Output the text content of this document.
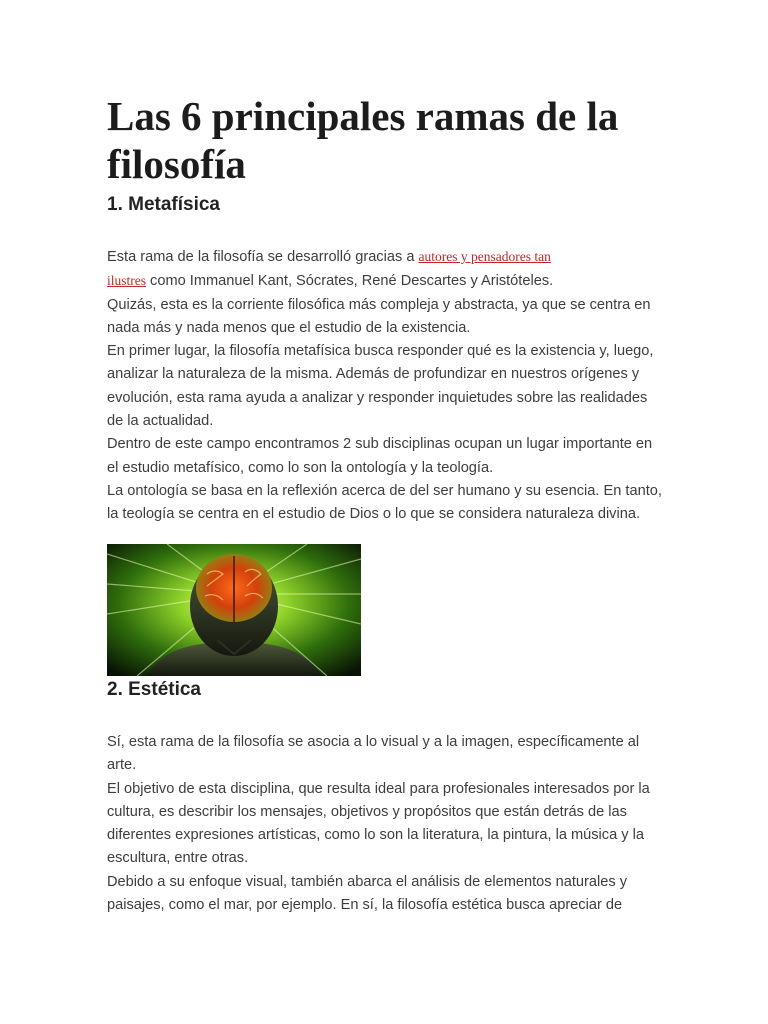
Las 6 principales ramas de la filosofía
1. Metafísica

Esta rama de la filosofía se desarrolló gracias a autores y pensadores tan
ilustres como Immanuel Kant, Sócrates, René Descartes y Aristóteles.

Quizás, esta es la corriente filosófica más compleja y abstracta, ya que se centra en nada más y nada menos que el estudio de la existencia.

En primer lugar, la filosofía metafísica busca responder qué es la existencia y, luego, analizar la naturaleza de la misma. Además de profundizar en nuestros orígenes y evolución, esta rama ayuda a analizar y responder inquietudes sobre las realidades de la actualidad.

Dentro de este campo encontramos 2 sub disciplinas ocupan un lugar importante en el estudio metafísico, como lo son la ontología y la teología.

La ontología se basa en la reflexión acerca de del ser humano y su esencia. En tanto, la teología se centra en el estudio de Dios o lo que se considera naturaleza divina.

2. Estética

Sí, esta rama de la filosofía se asocia a lo visual y a la imagen, específicamente al arte.

El objetivo de esta disciplina, que resulta ideal para profesionales interesados por la cultura, es describir los mensajes, objetivos y propósitos que están detrás de las diferentes expresiones artísticas, como lo son la literatura, la pintura, la música y la escultura, entre otras.

Debido a su enfoque visual, también abarca el análisis de elementos naturales y paisajes, como el mar, por ejemplo. En sí, la filosofía estética busca apreciar de
